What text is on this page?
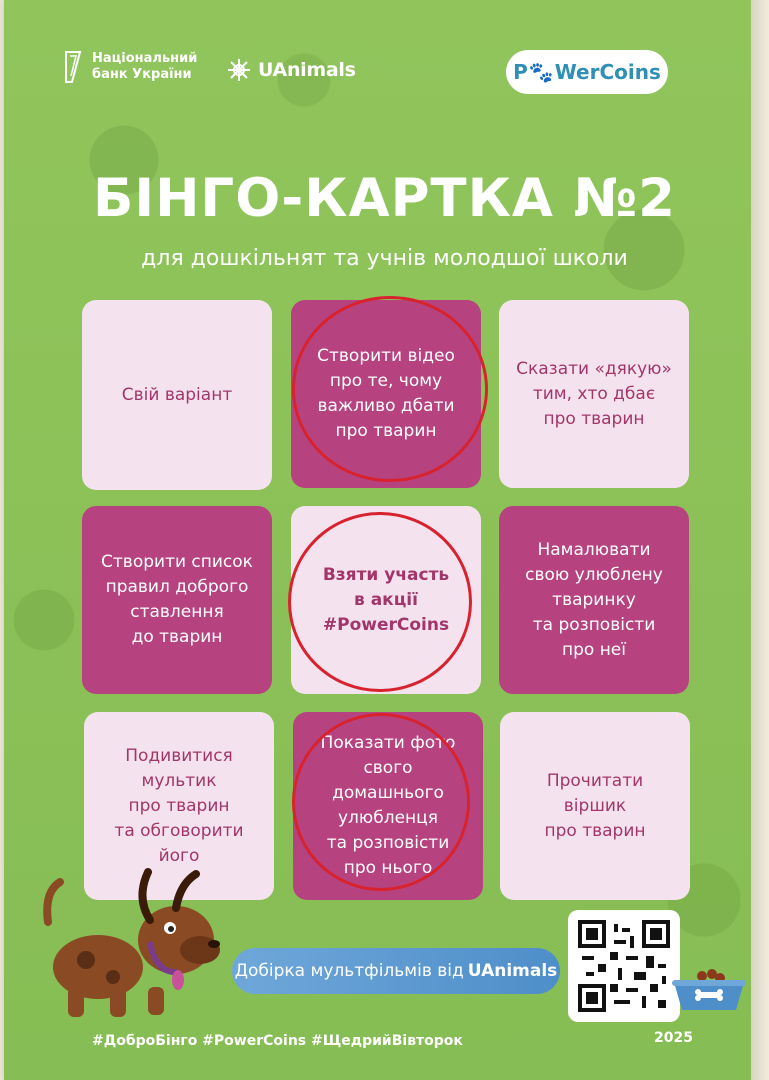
Національний
банк України	UAnimals	P 🐾 WerCoins
БІНГО-КАРТКА №2
для дошкільнят та учнів молодшої школи
Свій варіант
Створити відео
про те, чому
важливо дбати
про тварин
Сказати «дякую»
тим, хто дбає
про тварин
Створити список
правил доброго
ставлення
до тварин
Взяти участь
в акції
#PowerCoins
Намалювати
свою улюблену
тваринку
та розповісти
про неї
Подивитися
мультик
про тварин
та обговорити
його
Показати фото
свого
домашнього
улюбленця
та розповісти
про нього
Прочитати
віршик
про тварин
Добірка мультфільмів від UAnimals
#ДоброБінго #PowerCoins #ЩедрийВівторок	2025
